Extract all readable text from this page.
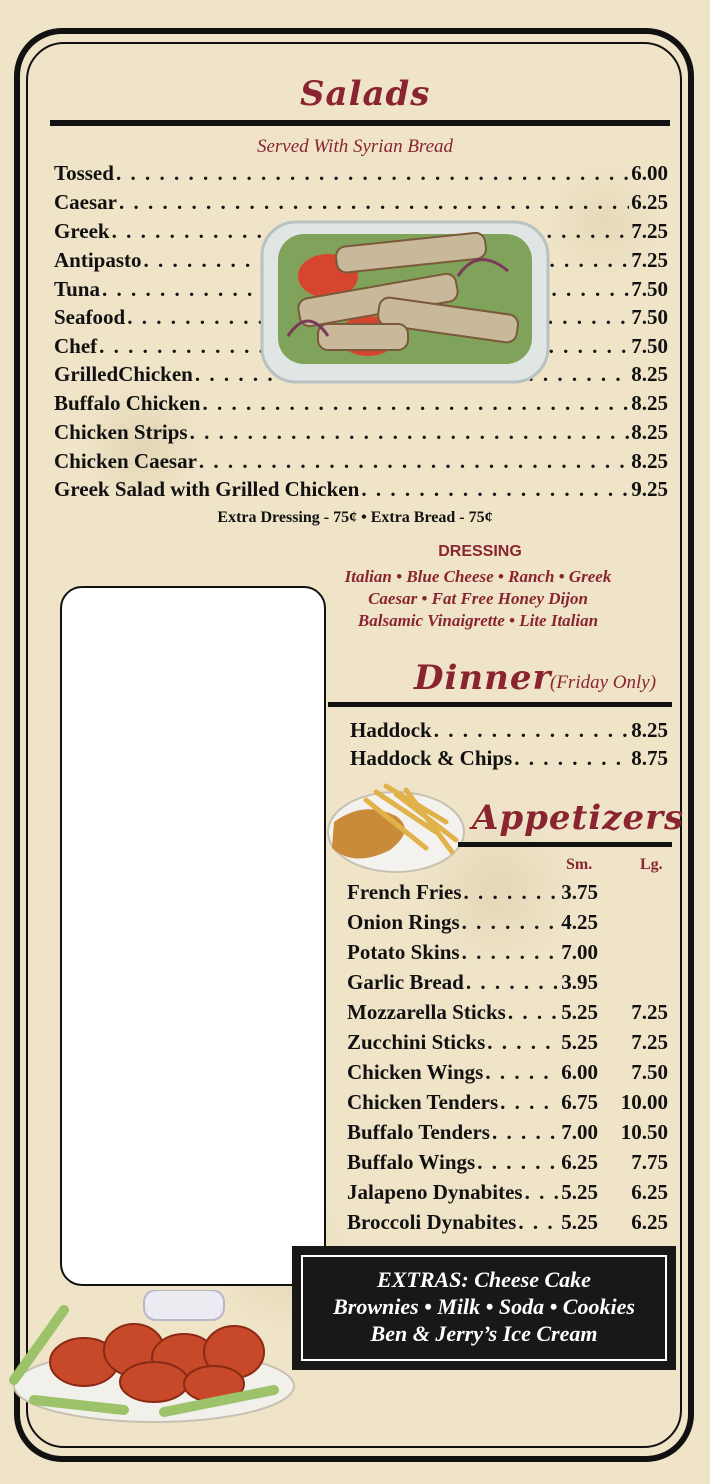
Salads
Served With Syrian Bread
Tossed . . .	6.00
Caesar . . .	6.25
Greek . . .	7.25
Antipasto . . .	7.25
Tuna . . .	7.50
Seafood . . .	7.50
Chef . . .	7.50
GrilledChicken . . .	8.25
Buffalo Chicken . . .	8.25
Chicken Strips . . .	8.25
Chicken Caesar . . .	8.25
Greek Salad with Grilled Chicken . . .	9.25
Extra Dressing - 75¢ • Extra Bread - 75¢
DRESSING
Italian • Blue Cheese • Ranch • Greek
Caesar • Fat Free Honey Dijon
Balsamic Vinaigrette • Lite Italian
Dinner
(Friday Only)
Haddock . . .	8.25
Haddock & Chips . . .	8.75
Appetizers
Sm.	Lg.
French Fries . . .	3.75
Onion Rings . . .	4.25
Potato Skins . . .	7.00
Garlic Bread . . .	3.95
Mozzarella Sticks . . .	5.25	7.25
Zucchini Sticks . . .	5.25	7.25
Chicken Wings . . .	6.00	7.50
Chicken Tenders . . .	6.75	10.00
Buffalo Tenders . . .	7.00	10.50
Buffalo Wings . . .	6.25	7.75
Jalapeno Dynabites . . . 5.25	6.25
Broccoli Dynabites . . . 5.25	6.25
EXTRAS: Cheese Cake
Brownies • Milk • Soda • Cookies
Ben & Jerry’s Ice Cream
